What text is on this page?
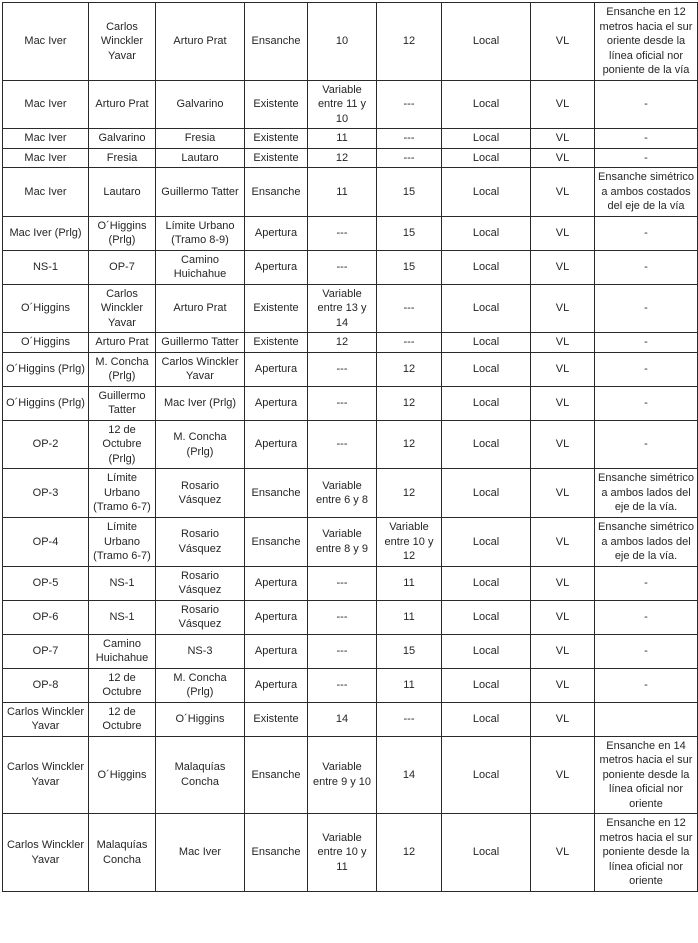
Mac Iver	Carlos Winckler Yavar	Arturo Prat	Ensanche	10	12	Local	VL	Ensanche en 12 metros hacia el sur oriente desde la línea oficial nor poniente de la vía
Mac Iver	Arturo Prat	Galvarino	Existente	Variable entre 11 y 10	---	Local	VL	-
Mac Iver	Galvarino	Fresia	Existente	11	---	Local	VL	-
Mac Iver	Fresia	Lautaro	Existente	12	---	Local	VL	-
Mac Iver	Lautaro	Guillermo Tatter	Ensanche	11	15	Local	VL	Ensanche simétrico a ambos costados del eje de la vía
Mac Iver (Prlg)	O´Higgins (Prlg)	Límite Urbano (Tramo 8-9)	Apertura	---	15	Local	VL	-
NS-1	OP-7	Camino Huichahue	Apertura	---	15	Local	VL	-
O´Higgins	Carlos Winckler Yavar	Arturo Prat	Existente	Variable entre 13 y 14	---	Local	VL	-
O´Higgins	Arturo Prat	Guillermo Tatter	Existente	12	---	Local	VL	-
O´Higgins (Prlg)	M. Concha (Prlg)	Carlos Winckler Yavar	Apertura	---	12	Local	VL	-
O´Higgins (Prlg)	Guillermo Tatter	Mac Iver (Prlg)	Apertura	---	12	Local	VL	-
OP-2	12 de Octubre (Prlg)	M. Concha (Prlg)	Apertura	---	12	Local	VL	-
OP-3	Límite Urbano (Tramo 6-7)	Rosario Vásquez	Ensanche	Variable entre 6 y 8	12	Local	VL	Ensanche simétrico a ambos lados del eje de la vía.
OP-4	Límite Urbano (Tramo 6-7)	Rosario Vásquez	Ensanche	Variable entre 8 y 9	Variable entre 10 y 12	Local	VL	Ensanche simétrico a ambos lados del eje de la vía.
OP-5	NS-1	Rosario Vásquez	Apertura	---	11	Local	VL	-
OP-6	NS-1	Rosario Vásquez	Apertura	---	11	Local	VL	-
OP-7	Camino Huichahue	NS-3	Apertura	---	15	Local	VL	-
OP-8	12 de Octubre	M. Concha (Prlg)	Apertura	---	11	Local	VL	-
Carlos Winckler Yavar	12 de Octubre	O´Higgins	Existente	14	---	Local	VL	
Carlos Winckler Yavar	O´Higgins	Malaquías Concha	Ensanche	Variable entre 9 y 10	14	Local	VL	Ensanche en 14 metros hacia el sur poniente desde la línea oficial nor oriente
Carlos Winckler Yavar	Malaquías Concha	Mac Iver	Ensanche	Variable entre 10 y 11	12	Local	VL	Ensanche en 12 metros hacia el sur poniente desde la línea oficial nor oriente
